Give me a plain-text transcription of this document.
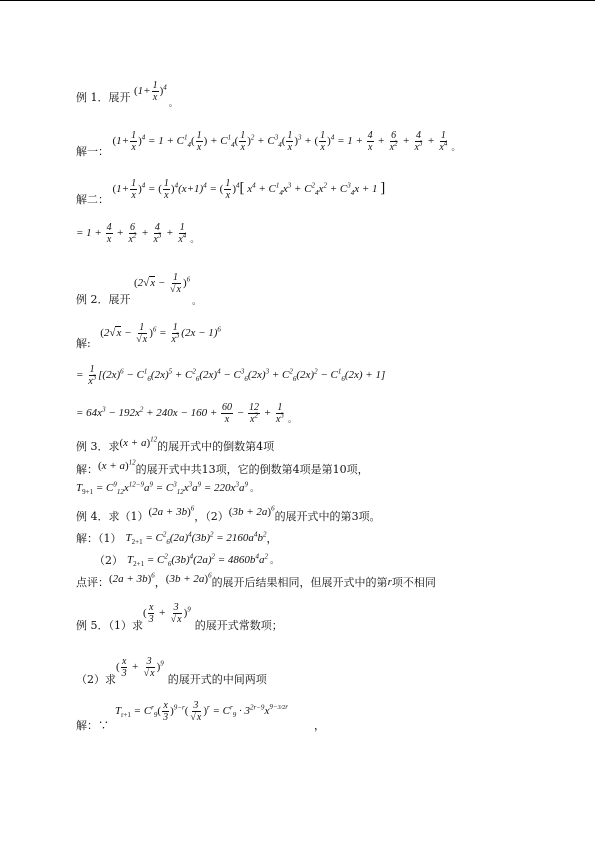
例 1．展开 $(1+ \frac{1}{x} )^4$。
解一： $(1+ \frac{1}{x} )^4 = 1 + C^1_4( \frac{1}{x}$ ) + $C^1_4( \frac{1}{x} )^2 + C^3_4( \frac{1}{x} )^3$ + ( $\frac{1}{x} )^4 = 1 + \frac{4}{x} + \frac{6}{x^2} + \frac{4}{x^3} + \frac{1}{x^4}$ 。
解二： $(1+ \frac{1}{x} )^4$ = ( $\frac{1}{x} )^4(x+1)^4$ = ( $\frac{1}{x} )^4$[ $x^4 + C^1_4x^3 + C^2_4x^2 + C^3_4x + 1$ ]
= $1 + \frac{4}{x} + \frac{6}{x^2} + \frac{4}{x^3} + \frac{1}{x^4}$ 。
例 2．展开 $(2√x - \frac{1}{√x} )^6_。$
解: $(2√x - \frac{1}{√x} )^6 = \frac{1}{x^3} (2x - 1)^6$
= $\frac{1}{x^3} [(2x)^6 - C^1_6(2x)^5 + C^2_6(2x)^4 - C^3_6(2x)^3 + C^2_6(2x)^2 - C^1_6(2x) + 1]$
= $64x^3 - 192x^2 + 240x - 160 + \frac{60}{x} - \frac{12}{x^2} + \frac{1}{x^3}$ 。
例 3．求$(x + a)^{12}$的展开式中的倒数第4项
解：$(x + a)^{12}$的展开式中共13项，它的倒数第4项是第10项，
$T_{9+1} = C^9_{12}x^{12-9}a^9 = C^3_{12}x^3a^9 = 220x^3a^9$ 。
例 4．求$(1)(2a + 3b)^6$，$(2)(3b + 2a)^6$的展开式中的第3项。
解：（1） $T_{2+1} = C^2_6(2a)^4(3b)^2 = 2160a^4b^2$，
（2） $T_{2+1} = C^2_6(3b)^4(2a)^2 = 4860b^4a^2$ 。
点评：$(2a + 3b)^6$，$(3b + 2a)^6$的展开后结果相同，但展开式中的第r项不相同
例 5．（1）求( $\frac{x}{3} + \frac{3}{√x} )^9$的展开式常数项；
（2）求( $\frac{x}{3} + \frac{3}{√x} )^9$的展开式的中间两项
解：$\because T_{r+1} = C^r_9( \frac{x}{3} )^{9-r}( \frac{3}{√x} )^r = C^r_9 \cdot 3^{2r-9}x^{9-3/2r}$，
